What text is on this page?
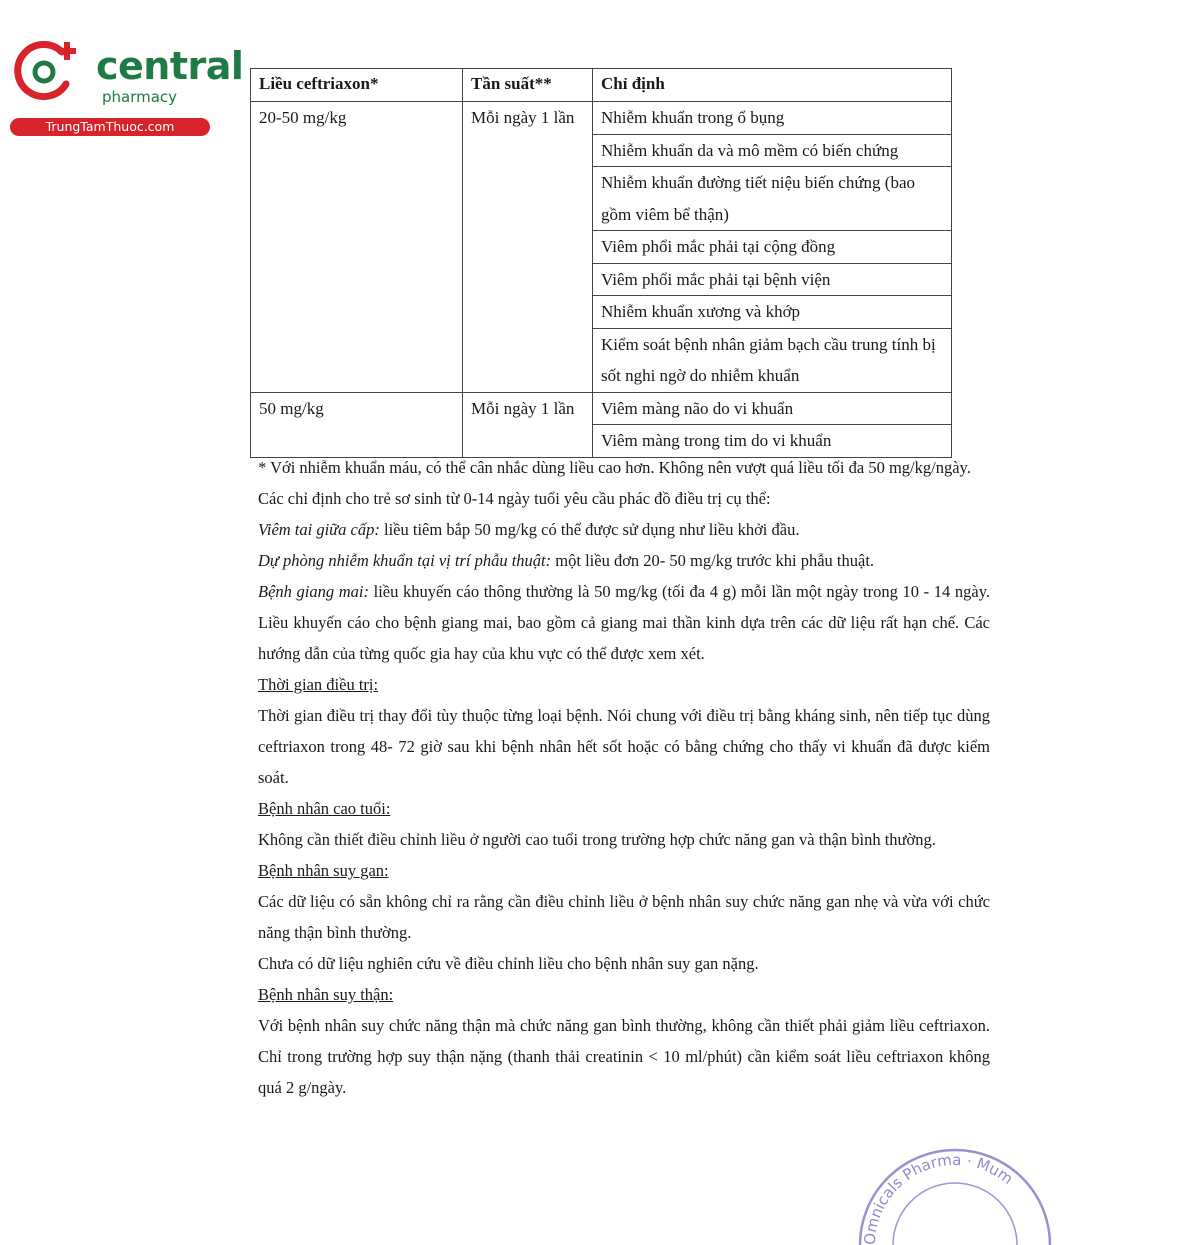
central
pharmacy
TrungTamThuoc.com
Liều ceftriaxon*	Tần suất**	Chỉ định
20-50 mg/kg	Mỗi ngày 1 lần	Nhiễm khuẩn trong ổ bụng
		Nhiễm khuẩn da và mô mềm có biến chứng
		Nhiễm khuẩn đường tiết niệu biến chứng (bao gồm viêm bể thận)
		Viêm phổi mắc phải tại cộng đồng
		Viêm phổi mắc phải tại bệnh viện
		Nhiễm khuẩn xương và khớp
		Kiểm soát bệnh nhân giảm bạch cầu trung tính bị sốt nghi ngờ do nhiễm khuẩn
50 mg/kg	Mỗi ngày 1 lần	Viêm màng não do vi khuẩn
		Viêm màng trong tim do vi khuẩn

* Với nhiễm khuẩn máu, có thể cân nhắc dùng liều cao hơn. Không nên vượt quá liều tối đa 50 mg/kg/ngày.

Các chỉ định cho trẻ sơ sinh từ 0-14 ngày tuổi yêu cầu phác đồ điều trị cụ thể:

Viêm tai giữa cấp: liều tiêm bắp 50 mg/kg có thể được sử dụng như liều khởi đầu.

Dự phòng nhiễm khuẩn tại vị trí phẫu thuật: một liều đơn 20- 50 mg/kg trước khi phẫu thuật.

Bệnh giang mai: liều khuyến cáo thông thường là 50 mg/kg (tối đa 4 g) mỗi lần một ngày trong 10 - 14 ngày. Liều khuyến cáo cho bệnh giang mai, bao gồm cả giang mai thần kinh dựa trên các dữ liệu rất hạn chế. Các hướng dẫn của từng quốc gia hay của khu vực có thể được xem xét.

Thời gian điều trị:

Thời gian điều trị thay đổi tùy thuộc từng loại bệnh. Nói chung với điều trị bằng kháng sinh, nên tiếp tục dùng ceftriaxon trong 48- 72 giờ sau khi bệnh nhân hết sốt hoặc có bằng chứng cho thấy vi khuẩn đã được kiểm soát.

Bệnh nhân cao tuổi:

Không cần thiết điều chỉnh liều ở người cao tuổi trong trường hợp chức năng gan và thận bình thường.

Bệnh nhân suy gan:

Các dữ liệu có sẵn không chỉ ra rằng cần điều chỉnh liều ở bệnh nhân suy chức năng gan nhẹ và vừa với chức năng thận bình thường.

Chưa có dữ liệu nghiên cứu về điều chỉnh liều cho bệnh nhân suy gan nặng.

Bệnh nhân suy thận:

Với bệnh nhân suy chức năng thận mà chức năng gan bình thường, không cần thiết phải giảm liều ceftriaxon. Chỉ trong trường hợp suy thận nặng (thanh thải creatinin < 10 ml/phút) cần kiểm soát liều ceftriaxon không quá 2 g/ngày.

Omnicals Pharma · Mum
